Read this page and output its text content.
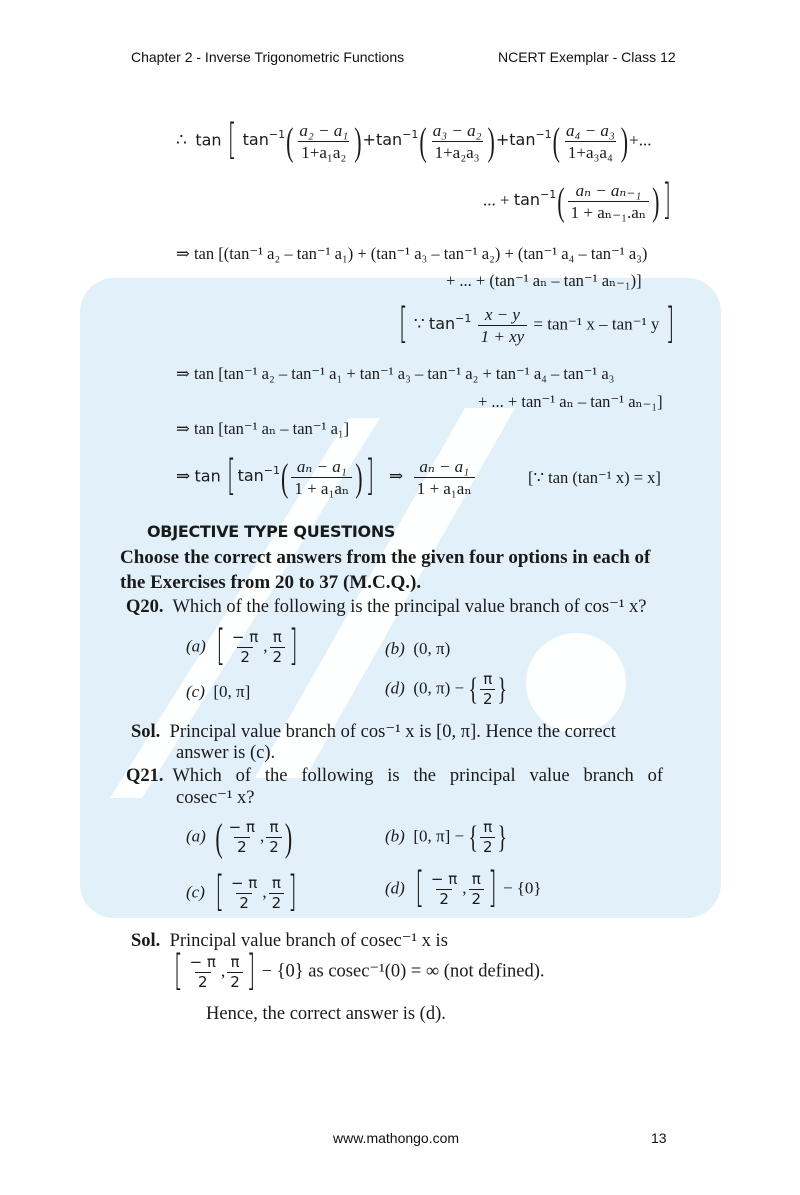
Chapter 2 - Inverse Trigonometric Functions	NCERT Exemplar - Class 12
∴ tan [ $\tan^{-1}( \frac{\text{a₂ − a₁}}{\text{1+a₁a₂}} )+\tan^{-1}( \frac{\text{a₃ − a₂}}{\text{1+a₂a₃}} )+\tan^{-1}( \frac{\text{a₄ − a₃}}{\text{1+a₃a₄}}$ )+...
... + $\tan^{-1}( \frac{\text{aₙ − aₙ₋₁}}{\text{1 + aₙ₋₁.aₙ}}$ ) ]
⇒ tan [(tan⁻¹ a₂ – tan⁻¹ a₁) + (tan⁻¹ a₃ – tan⁻¹ a₂) + (tan⁻¹ a₄ – tan⁻¹ a₃)
+ ... + (tan⁻¹ aₙ – tan⁻¹ aₙ₋₁)]
[ ∵ $\tan^{-1} \frac{x - y}{1 + xy} = \tan^{-1}$ x – tan⁻¹ y ]
⇒ tan [tan⁻¹ a₂ – tan⁻¹ a₁ + tan⁻¹ a₃ – tan⁻¹ a₂ + tan⁻¹ a₄ – tan⁻¹ a₃
+ ... + tan⁻¹ aₙ – tan⁻¹ aₙ₋₁]
⇒ tan [tan⁻¹ aₙ – tan⁻¹ a₁]
⇒ tan [ $\tan^{-1}( \frac{\text{aₙ − a₁}}{\text{1 + a₁aₙ}}$ ) ] ⇒ $\frac{\text{aₙ − a₁}}{\text{1 + a₁aₙ}}$	[∵ tan (tan⁻¹ x) = x]
OBJECTIVE TYPE QUESTIONS
Choose the correct answers from the given four options in each of
the Exercises from 20 to 37 (M.C.Q.).
Q20. Which of the following is the principal value branch of cos⁻¹ x?
(a) [ $\frac{- \pi}{2}$ , $\frac{\pi}{2}$ ]	(b) (0, π)
(c) [0, π]	(d)  (0, π) − { $\frac{\pi}{2}$ }
Sol. Principal value branch of cos⁻¹ x is [0, π]. Hence the correct
answer is (c).
Q21. Which   of   the   following   is   the   principal   value   branch   of
cosec⁻¹ x?
(a) ( $\frac{- \pi}{2}$ , $\frac{\pi}{2}$ )	(b)  [0, π] − { $\frac{\pi}{2}$ }
(c) [ $\frac{- \pi}{2}$ , $\frac{\pi}{2}$ ]	(d) [ $\frac{- \pi}{2}$ , $\frac{\pi}{2}$ ] − {0}
Sol. Principal value branch of cosec⁻¹ x is
[ $\frac{- \pi}{2}$ , $\frac{\pi}{2}$ ] − {0} as cosec⁻¹(0) = ∞ (not defined).
Hence, the correct answer is (d).
www.mathongo.com	13
